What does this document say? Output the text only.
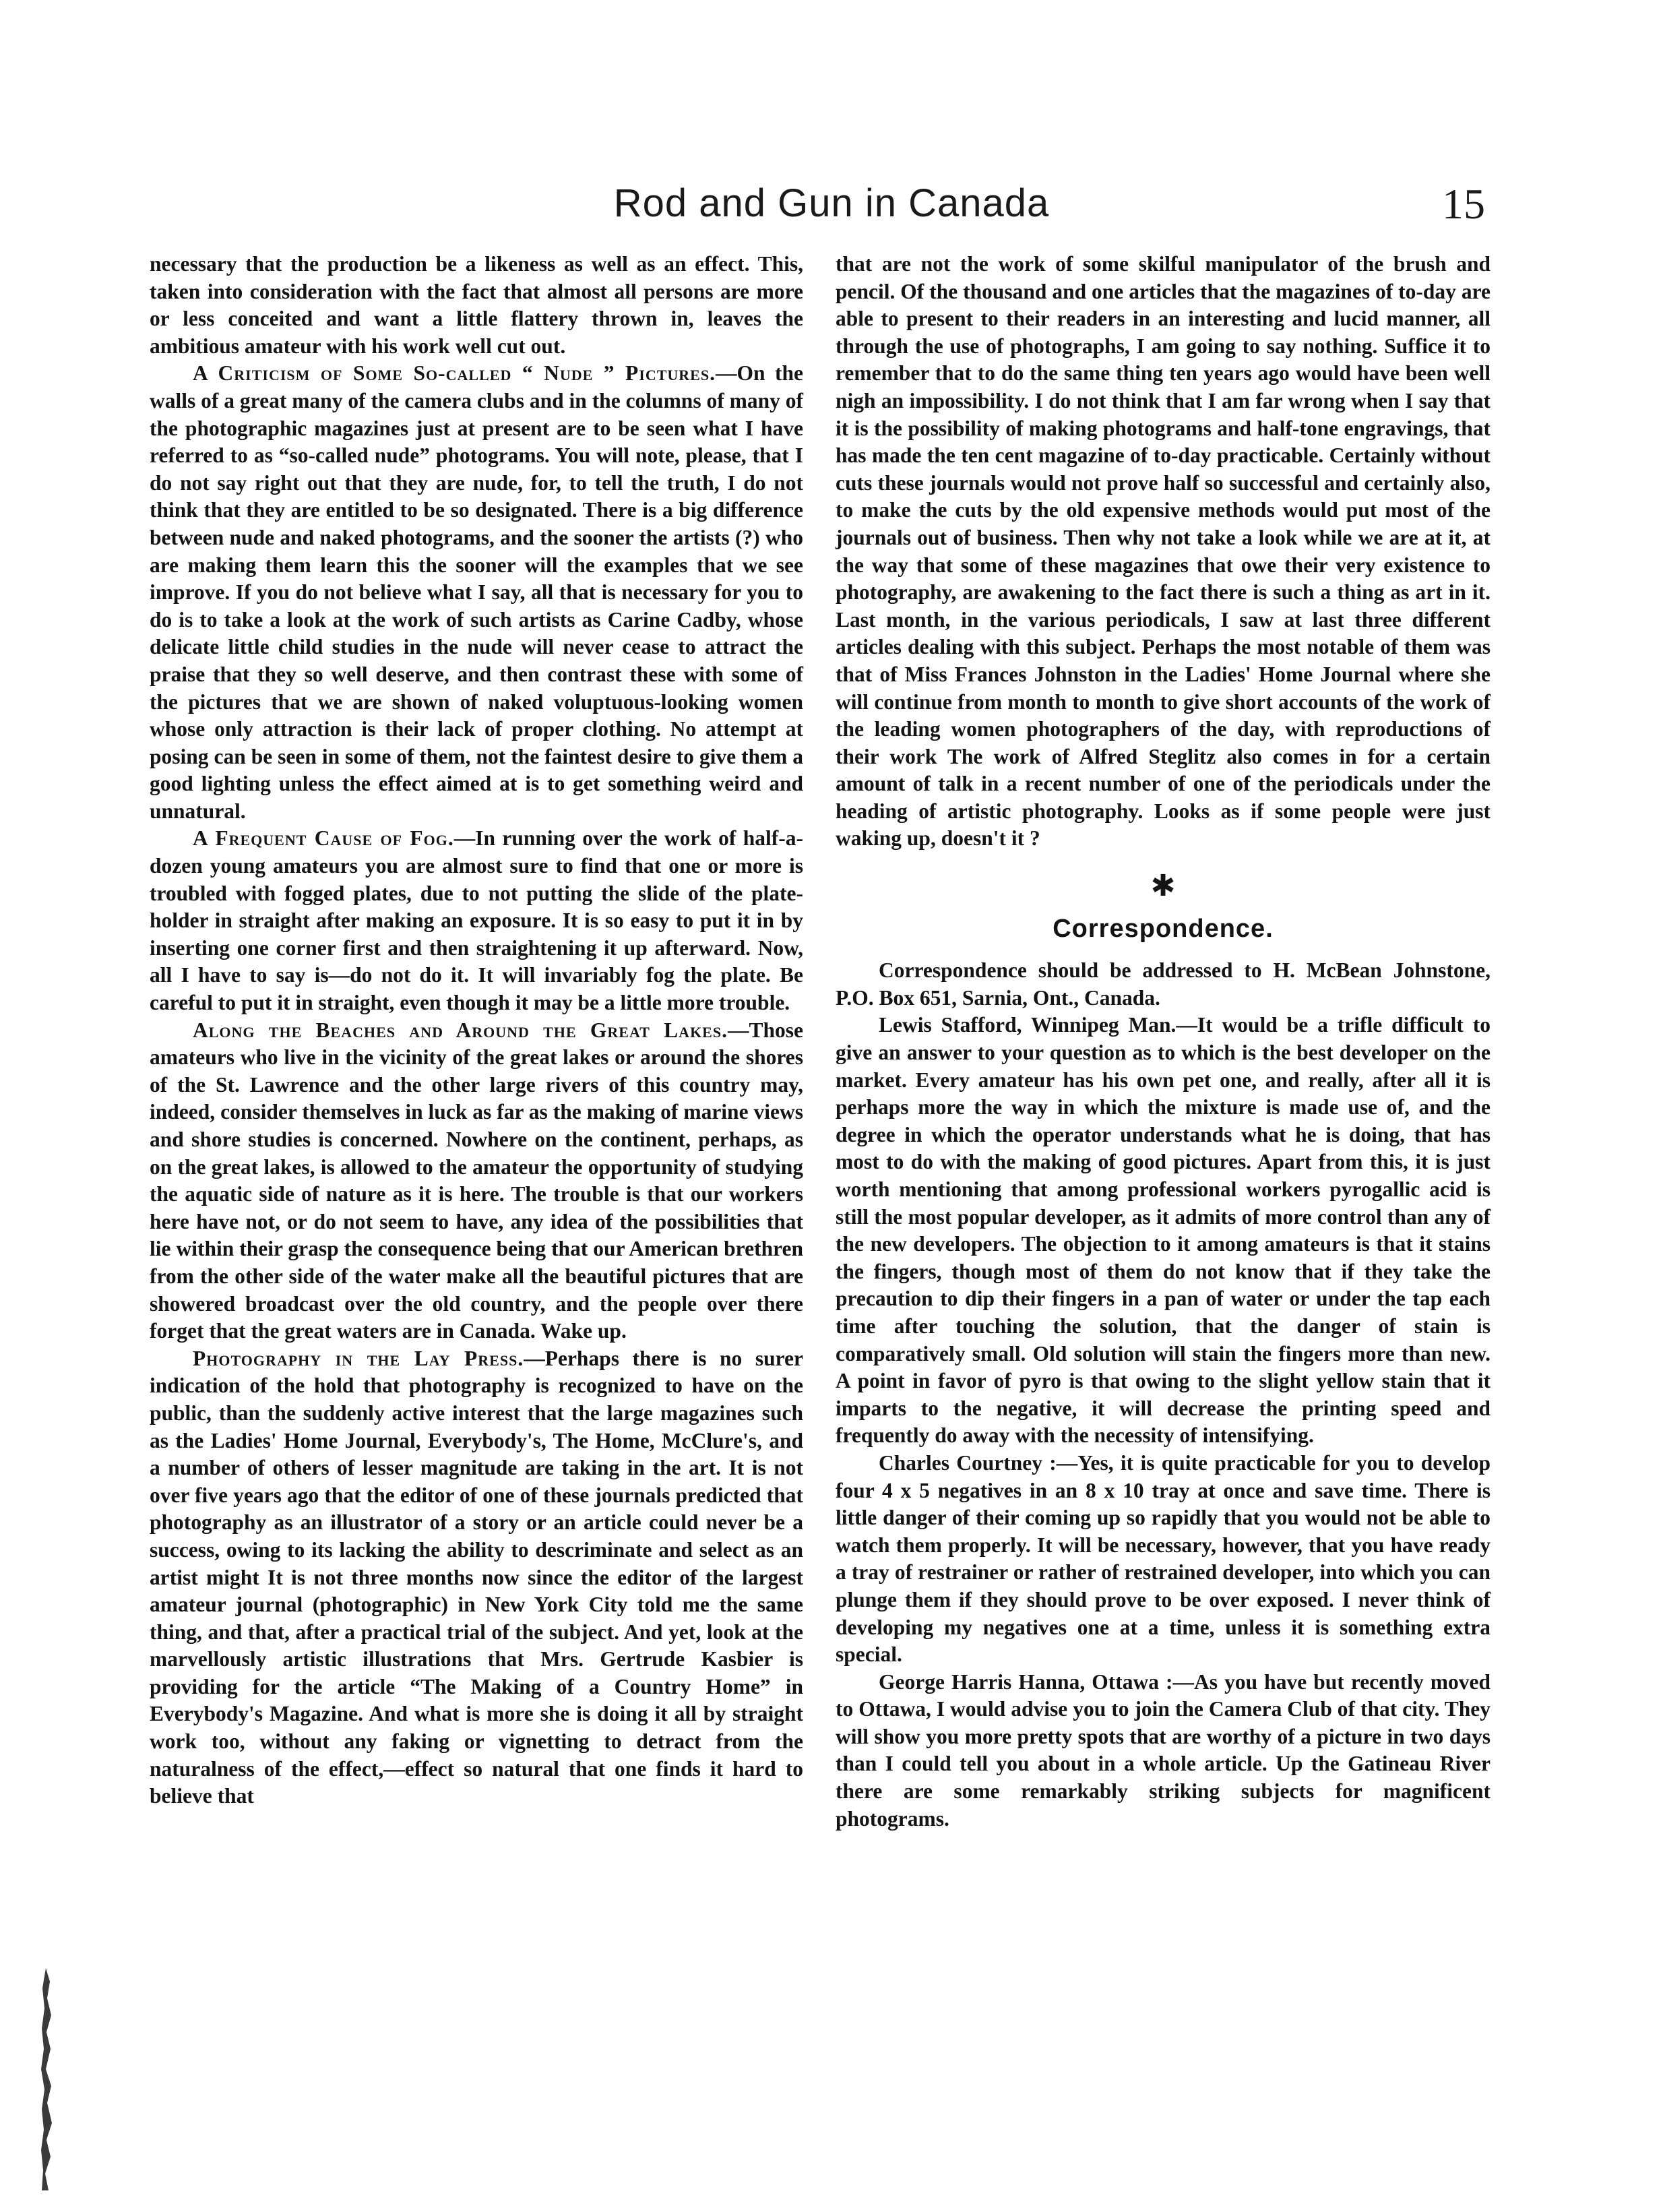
Rod and Gun in Canada	15

necessary that the production be a likeness as well as an effect. This, taken into consideration with the fact that almost all persons are more or less conceited and want a little flattery thrown in, leaves the ambitious amateur with his work well cut out.

A Criticism of Some So-called “ Nude ” Pictures.—On the walls of a great many of the camera clubs and in the columns of many of the photographic magazines just at present are to be seen what I have referred to as “so-called nude” photograms. You will note, please, that I do not say right out that they are nude, for, to tell the truth, I do not think that they are entitled to be so designated. There is a big difference between nude and naked photograms, and the sooner the artists (?) who are making them learn this the sooner will the examples that we see improve. If you do not believe what I say, all that is necessary for you to do is to take a look at the work of such artists as Carine Cadby, whose delicate little child studies in the nude will never cease to attract the praise that they so well deserve, and then contrast these with some of the pictures that we are shown of naked voluptuous-looking women whose only attraction is their lack of proper clothing. No attempt at posing can be seen in some of them, not the faintest desire to give them a good lighting unless the effect aimed at is to get something weird and unnatural.

A Frequent Cause of Fog.—In running over the work of half-a-dozen young amateurs you are almost sure to find that one or more is troubled with fogged plates, due to not putting the slide of the plate-holder in straight after making an exposure. It is so easy to put it in by inserting one corner first and then straightening it up afterward. Now, all I have to say is—do not do it. It will invariably fog the plate. Be careful to put it in straight, even though it may be a little more trouble.

Along the Beaches and Around the Great Lakes.—Those amateurs who live in the vicinity of the great lakes or around the shores of the St. Lawrence and the other large rivers of this country may, indeed, consider themselves in luck as far as the making of marine views and shore studies is concerned. Nowhere on the continent, perhaps, as on the great lakes, is allowed to the amateur the opportunity of studying the aquatic side of nature as it is here. The trouble is that our workers here have not, or do not seem to have, any idea of the possibilities that lie within their grasp the consequence being that our American brethren from the other side of the water make all the beautiful pictures that are showered broadcast over the old country, and the people over there forget that the great waters are in Canada. Wake up.

Photography in the Lay Press.—Perhaps there is no surer indication of the hold that photography is recognized to have on the public, than the suddenly active interest that the large magazines such as the Ladies' Home Journal, Everybody's, The Home, McClure's, and a number of others of lesser magnitude are taking in the art. It is not over five years ago that the editor of one of these journals predicted that photography as an illustrator of a story or an article could never be a success, owing to its lacking the ability to descriminate and select as an artist might It is not three months now since the editor of the largest amateur journal (photographic) in New York City told me the same thing, and that, after a practical trial of the subject. And yet, look at the marvellously artistic illustrations that Mrs. Gertrude Kasbier is providing for the article “The Making of a Country Home” in Everybody's Magazine. And what is more she is doing it all by straight work too, without any faking or vignetting to detract from the naturalness of the effect,—effect so natural that one finds it hard to believe that

that are not the work of some skilful manipulator of the brush and pencil. Of the thousand and one articles that the magazines of to-day are able to present to their readers in an interesting and lucid manner, all through the use of photographs, I am going to say nothing. Suffice it to remember that to do the same thing ten years ago would have been well nigh an impossibility. I do not think that I am far wrong when I say that it is the possibility of making photograms and half-tone engravings, that has made the ten cent magazine of to-day practicable. Certainly without cuts these journals would not prove half so successful and certainly also, to make the cuts by the old expensive methods would put most of the journals out of business. Then why not take a look while we are at it, at the way that some of these magazines that owe their very existence to photography, are awakening to the fact there is such a thing as art in it. Last month, in the various periodicals, I saw at last three different articles dealing with this subject. Perhaps the most notable of them was that of Miss Frances Johnston in the Ladies' Home Journal where she will continue from month to month to give short accounts of the work of the leading women photographers of the day, with reproductions of their work The work of Alfred Steglitz also comes in for a certain amount of talk in a recent number of one of the periodicals under the heading of artistic photography. Looks as if some people were just waking up, doesn't it ?

✱
Correspondence.

Correspondence should be addressed to H. McBean Johnstone, P.O. Box 651, Sarnia, Ont., Canada.

Lewis Stafford, Winnipeg Man.—It would be a trifle difficult to give an answer to your question as to which is the best developer on the market. Every amateur has his own pet one, and really, after all it is perhaps more the way in which the mixture is made use of, and the degree in which the operator understands what he is doing, that has most to do with the making of good pictures. Apart from this, it is just worth mentioning that among professional workers pyrogallic acid is still the most popular developer, as it admits of more control than any of the new developers. The objection to it among amateurs is that it stains the fingers, though most of them do not know that if they take the precaution to dip their fingers in a pan of water or under the tap each time after touching the solution, that the danger of stain is comparatively small. Old solution will stain the fingers more than new. A point in favor of pyro is that owing to the slight yellow stain that it imparts to the negative, it will decrease the printing speed and frequently do away with the necessity of intensifying.

Charles Courtney :—Yes, it is quite practicable for you to develop four 4 x 5 negatives in an 8 x 10 tray at once and save time. There is little danger of their coming up so rapidly that you would not be able to watch them properly. It will be necessary, however, that you have ready a tray of restrainer or rather of restrained developer, into which you can plunge them if they should prove to be over exposed. I never think of developing my negatives one at a time, unless it is something extra special.

George Harris Hanna, Ottawa :—As you have but recently moved to Ottawa, I would advise you to join the Camera Club of that city. They will show you more pretty spots that are worthy of a picture in two days than I could tell you about in a whole article. Up the Gatineau River there are some remarkably striking subjects for magnificent photograms.
